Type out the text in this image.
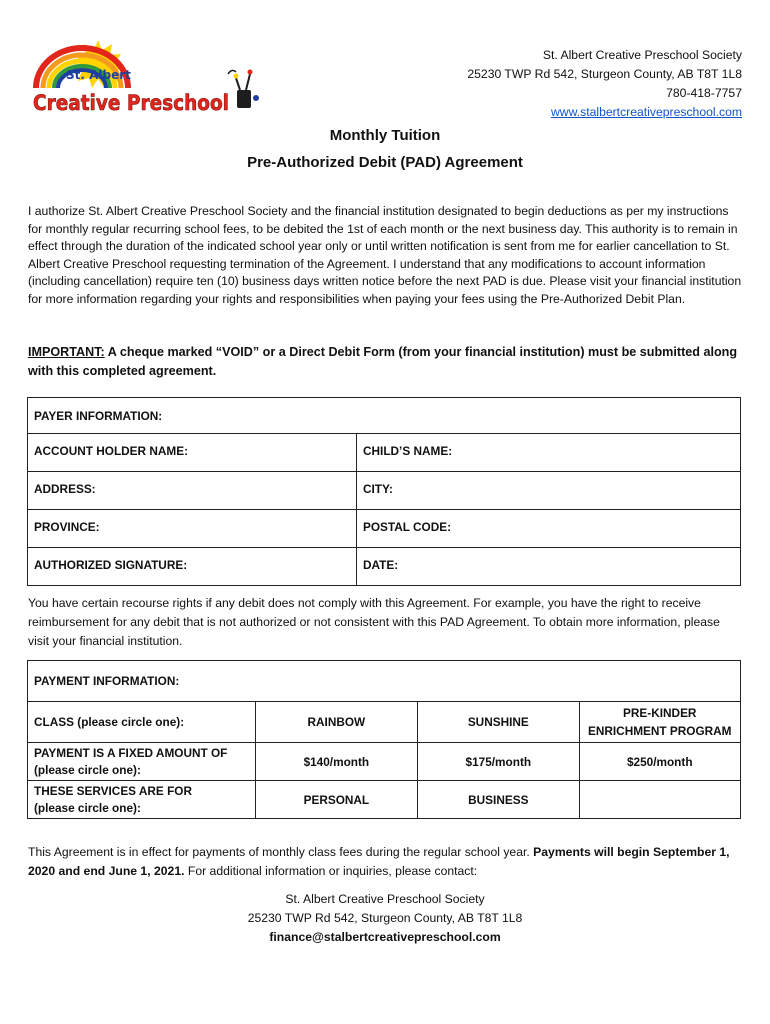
St. Albert
Creative Preschool
St. Albert Creative Preschool Society
25230 TWP Rd 542, Sturgeon County, AB T8T 1L8
780-418-7757
www.stalbertcreativepreschool.com
Monthly Tuition
Pre-Authorized Debit (PAD) Agreement
I authorize St. Albert Creative Preschool Society and the financial institution designated to begin deductions as per my instructions for monthly regular recurring school fees, to be debited the 1st of each month or the next business day. This authority is to remain in effect through the duration of the indicated school year only or until written notification is sent from me for earlier cancellation to St. Albert Creative Preschool requesting termination of the Agreement. I understand that any modifications to account information (including cancellation) require ten (10) business days written notice before the next PAD is due. Please visit your financial institution for more information regarding your rights and responsibilities when paying your fees using the Pre-Authorized Debit Plan.
IMPORTANT: A cheque marked “VOID” or a Direct Debit Form (from your financial institution) must be submitted along with this completed agreement.
PAYER INFORMATION:	
ACCOUNT HOLDER NAME:	CHILD’S NAME:
ADDRESS:	CITY:
PROVINCE:	POSTAL CODE:
AUTHORIZED SIGNATURE:	DATE:
You have certain recourse rights if any debit does not comply with this Agreement. For example, you have the right to receive reimbursement for any debit that is not authorized or not consistent with this PAD Agreement. To obtain more information, please visit your financial institution.
PAYMENT INFORMATION:			
CLASS (please circle one):	RAINBOW	SUNSHINE	PRE-KINDER ENRICHMENT PROGRAM

PAYMENT IS A FIXED AMOUNT OF
(please circle one):	$140/month	$175/month	$250/month

THESE SERVICES ARE FOR
(please circle one):	PERSONAL	BUSINESS	
This Agreement is in effect for payments of monthly class fees during the regular school year. Payments will begin September 1, 2020 and end June 1, 2021. For additional information or inquiries, please contact:
St. Albert Creative Preschool Society
25230 TWP Rd 542, Sturgeon County, AB T8T 1L8
finance@stalbertcreativepreschool.com
